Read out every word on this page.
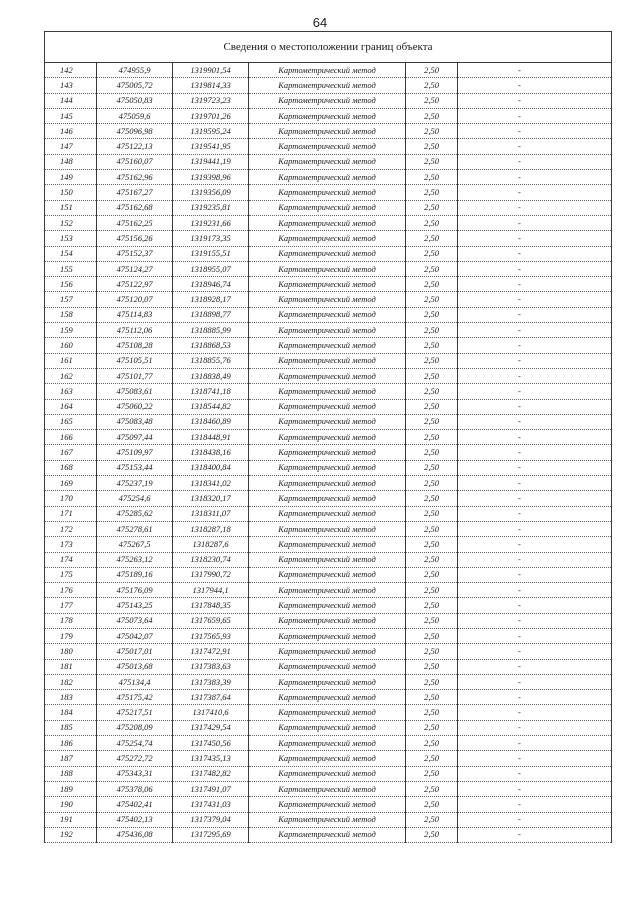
64
Сведения о местоположении границ объекта					
142	474955,9	1319901,54	Картометрический метод	2,50	-
143	475005,72	1319814,33	Картометрический метод	2,50	-
144	475050,83	1319723,23	Картометрический метод	2,50	-
145	475059,6	1319701,26	Картометрический метод	2,50	-
146	475096,98	1319595,24	Картометрический метод	2,50	-
147	475122,13	1319541,95	Картометрический метод	2,50	-
148	475160,07	1319441,19	Картометрический метод	2,50	-
149	475162,96	1319398,96	Картометрический метод	2,50	-
150	475167,27	1319356,09	Картометрический метод	2,50	-
151	475162,68	1319235,81	Картометрический метод	2,50	-
152	475162,25	1319231,66	Картометрический метод	2,50	-
153	475156,26	1319173,35	Картометрический метод	2,50	-
154	475152,37	1319155,51	Картометрический метод	2,50	-
155	475124,27	1318955,07	Картометрический метод	2,50	-
156	475122,97	1318946,74	Картометрический метод	2,50	-
157	475120,07	1318928,17	Картометрический метод	2,50	-
158	475114,83	1318898,77	Картометрический метод	2,50	-
159	475112,06	1318885,99	Картометрический метод	2,50	-
160	475108,28	1318868,53	Картометрический метод	2,50	-
161	475105,51	1318855,76	Картометрический метод	2,50	-
162	475101,77	1318838,49	Картометрический метод	2,50	-
163	475083,61	1318741,18	Картометрический метод	2,50	-
164	475060,22	1318544,82	Картометрический метод	2,50	-
165	475083,48	1318460,89	Картометрический метод	2,50	-
166	475097,44	1318448,91	Картометрический метод	2,50	-
167	475109,97	1318438,16	Картометрический метод	2,50	-
168	475153,44	1318400,84	Картометрический метод	2,50	-
169	475237,19	1318341,02	Картометрический метод	2,50	-
170	475254,6	1318320,17	Картометрический метод	2,50	-
171	475285,62	1318311,07	Картометрический метод	2,50	-
172	475278,61	1318287,18	Картометрический метод	2,50	-
173	475267,5	1318287,6	Картометрический метод	2,50	-
174	475263,12	1318230,74	Картометрический метод	2,50	-
175	475189,16	1317990,72	Картометрический метод	2,50	-
176	475176,09	1317944,1	Картометрический метод	2,50	-
177	475143,25	1317848,35	Картометрический метод	2,50	-
178	475073,64	1317659,65	Картометрический метод	2,50	-
179	475042,07	1317565,93	Картометрический метод	2,50	-
180	475017,01	1317472,91	Картометрический метод	2,50	-
181	475013,68	1317383,63	Картометрический метод	2,50	-
182	475134,4	1317383,39	Картометрический метод	2,50	-
183	475175,42	1317387,64	Картометрический метод	2,50	-
184	475217,51	1317410,6	Картометрический метод	2,50	-
185	475208,09	1317429,54	Картометрический метод	2,50	-
186	475254,74	1317450,56	Картометрический метод	2,50	-
187	475272,72	1317435,13	Картометрический метод	2,50	-
188	475343,31	1317482,82	Картометрический метод	2,50	-
189	475378,06	1317491,07	Картометрический метод	2,50	-
190	475402,41	1317431,03	Картометрический метод	2,50	-
191	475402,13	1317379,04	Картометрический метод	2,50	-
192	475436,08	1317295,69	Картометрический метод	2,50	-
